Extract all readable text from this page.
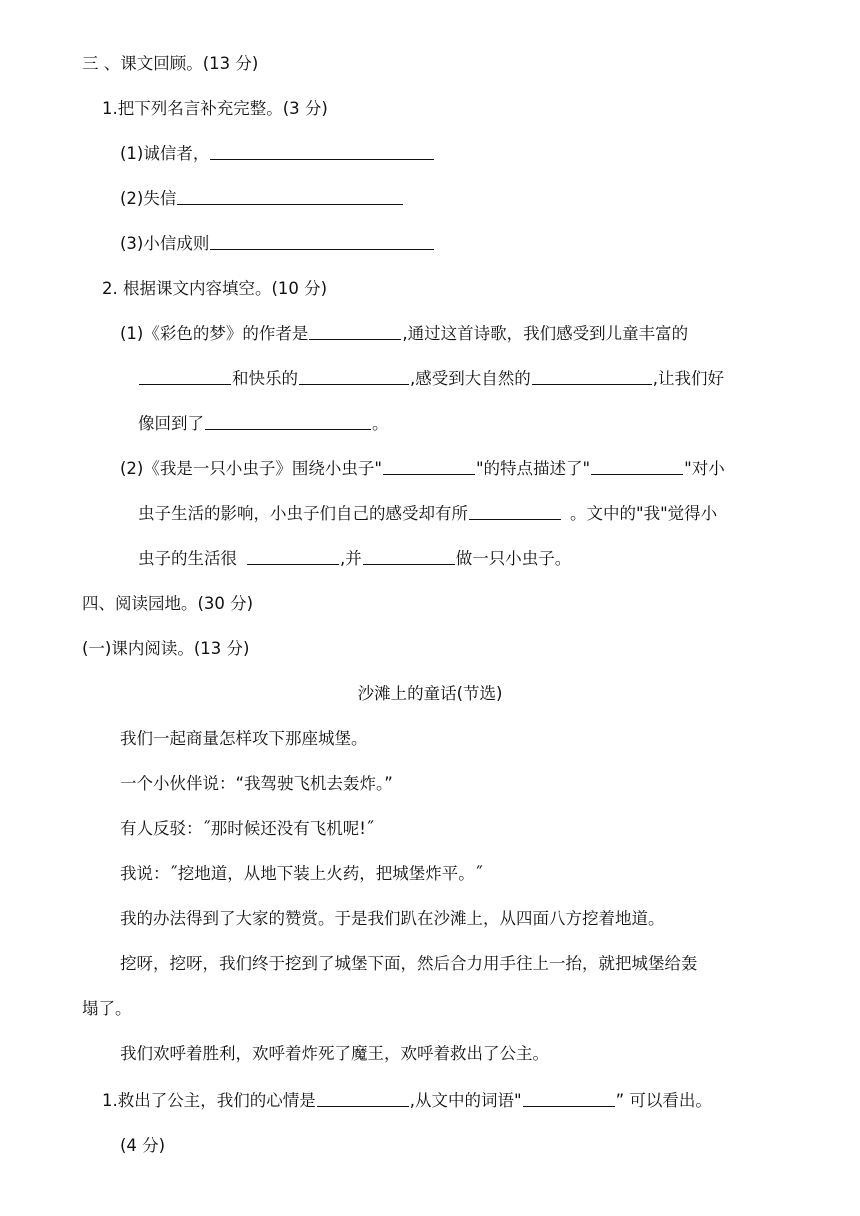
三 、课文回顾。(13 分)
1.把下列名言补充完整。(3 分)
(1)诚信者，
(2)失信
(3)小信成则
2. 根据课文内容填空。(10 分)
(1)《彩色的梦》的作者是	,通过这首诗歌，我们感受到儿童丰富的
和快乐的	,感受到大自然的	,让我们好
像回到了	。
(2)《我是一只小虫子》围绕小虫子"	"的特点描述了"	"对小
虫子生活的影响，小虫子们自己的感受却有所	。文中的"我"觉得小
虫子的生活很	,并	做一只小虫子。
四、阅读园地。(30 分)
(一)课内阅读。(13 分)
沙滩上的童话(节选)
我们一起商量怎样攻下那座城堡。
一个小伙伴说：“我驾驶飞机去轰炸。”
有人反驳：˝那时候还没有飞机呢!˝
我说：˝挖地道，从地下装上火药，把城堡炸平。˝
我的办法得到了大家的赞赏。于是我们趴在沙滩上，从四面八方挖着地道。
挖呀，挖呀，我们终于挖到了城堡下面，然后合力用手往上一抬，就把城堡给轰
塌了。
我们欢呼着胜利，欢呼着炸死了魔王，欢呼着救出了公主。
1.救出了公主，我们的心情是	,从文中的词语"	” 可以看出。
(4 分)
